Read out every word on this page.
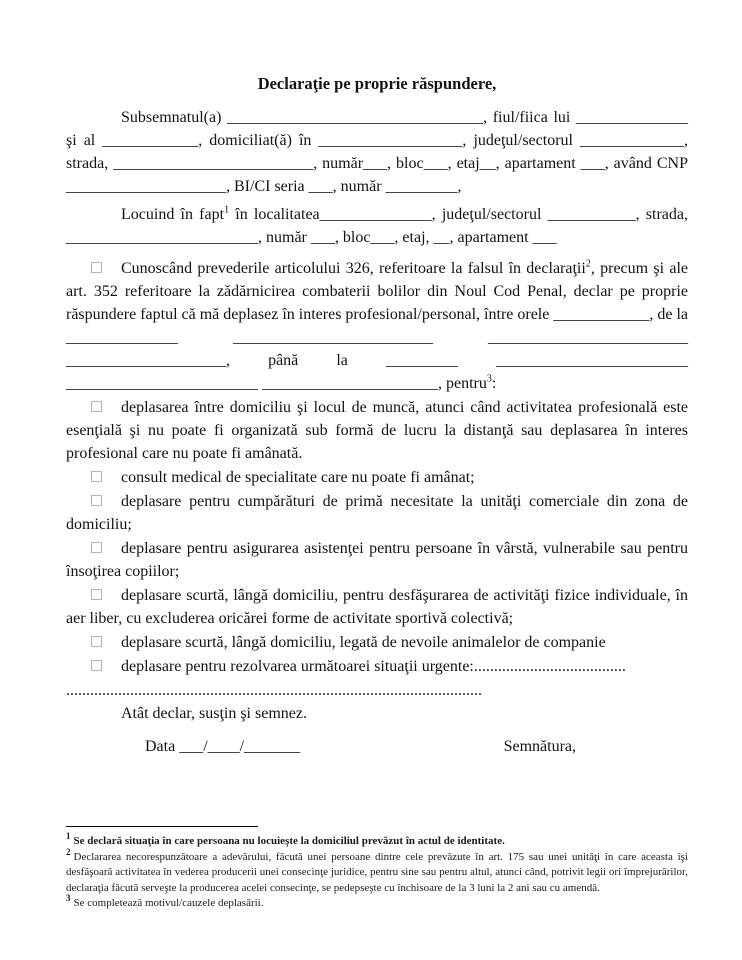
Declaraţie pe proprie răspundere,

Subsemnatul(a) ________________________________, fiul/fiica lui ______________ şi al ____________, domiciliat(ă) în __________________, judeţul/sectorul _____________, strada, _________________________, număr___, bloc___, etaj__, apartament ___, având CNP ____________________, BI/CI seria ___, număr _________,

Locuind în fapt$^1$ în localitatea______________, judeţul/sectorul ___________, strada, ________________________, număr ___, bloc___, etaj, __, apartament ___

Cunoscând prevederile articolului 326, referitoare la falsul în declaraţii$^2$, precum şi ale art. 352 referitoare la zădărnicirea combaterii bolilor din Noul Cod Penal, declar pe proprie răspundere faptul că mă deplasez în interes profesional/personal, între orele ____________, de la ______________ _________________________ _________________________ ____________________, până la _________ ________________________ ________________________ ______________________, pentru$^3$:

deplasarea între domiciliu şi locul de muncă, atunci când activitatea profesională este esenţială şi nu poate fi organizată sub formă de lucru la distanţă sau deplasarea în interes profesional care nu poate fi amânată.

consult medical de specialitate care nu poate fi amânat;

deplasare pentru cumpărături de primă necesitate la unităţi comerciale din zona de domiciliu;

deplasare pentru asigurarea asistenţei pentru persoane în vârstă, vulnerabile sau pentru însoţirea copiilor;

deplasare scurtă, lângă domiciliu, pentru desfăşurarea de activităţi fizice individuale, în aer liber, cu excluderea oricărei forme de activitate sportivă colectivă;

deplasare scurtă, lângă domiciliu, legată de nevoile animalelor de companie

deplasare pentru rezolvarea următoarei situaţii urgente:......................................

........................................................................................................

Atât declar, susţin şi semnez.

Data ___/____/_______	Semnătura,

$^1$ Se declară situaţia în care persoana nu locuieşte la domiciliul prevăzut în actul de identitate.

$^2$ Declararea necorespunzătoare a adevărului, făcută unei persoane dintre cele prevăzute în art. 175 sau unei unităţi în care aceasta îşi desfăşoară activitatea în vederea producerii unei consecinţe juridice, pentru sine sau pentru altul, atunci când, potrivit legii ori împrejurărilor, declaraţia făcută serveşte la producerea acelei consecinţe, se pedepseşte cu închisoare de la 3 luni la 2 ani sau cu amendă.

$^3$ Se completează motivul/cauzele deplasării.
